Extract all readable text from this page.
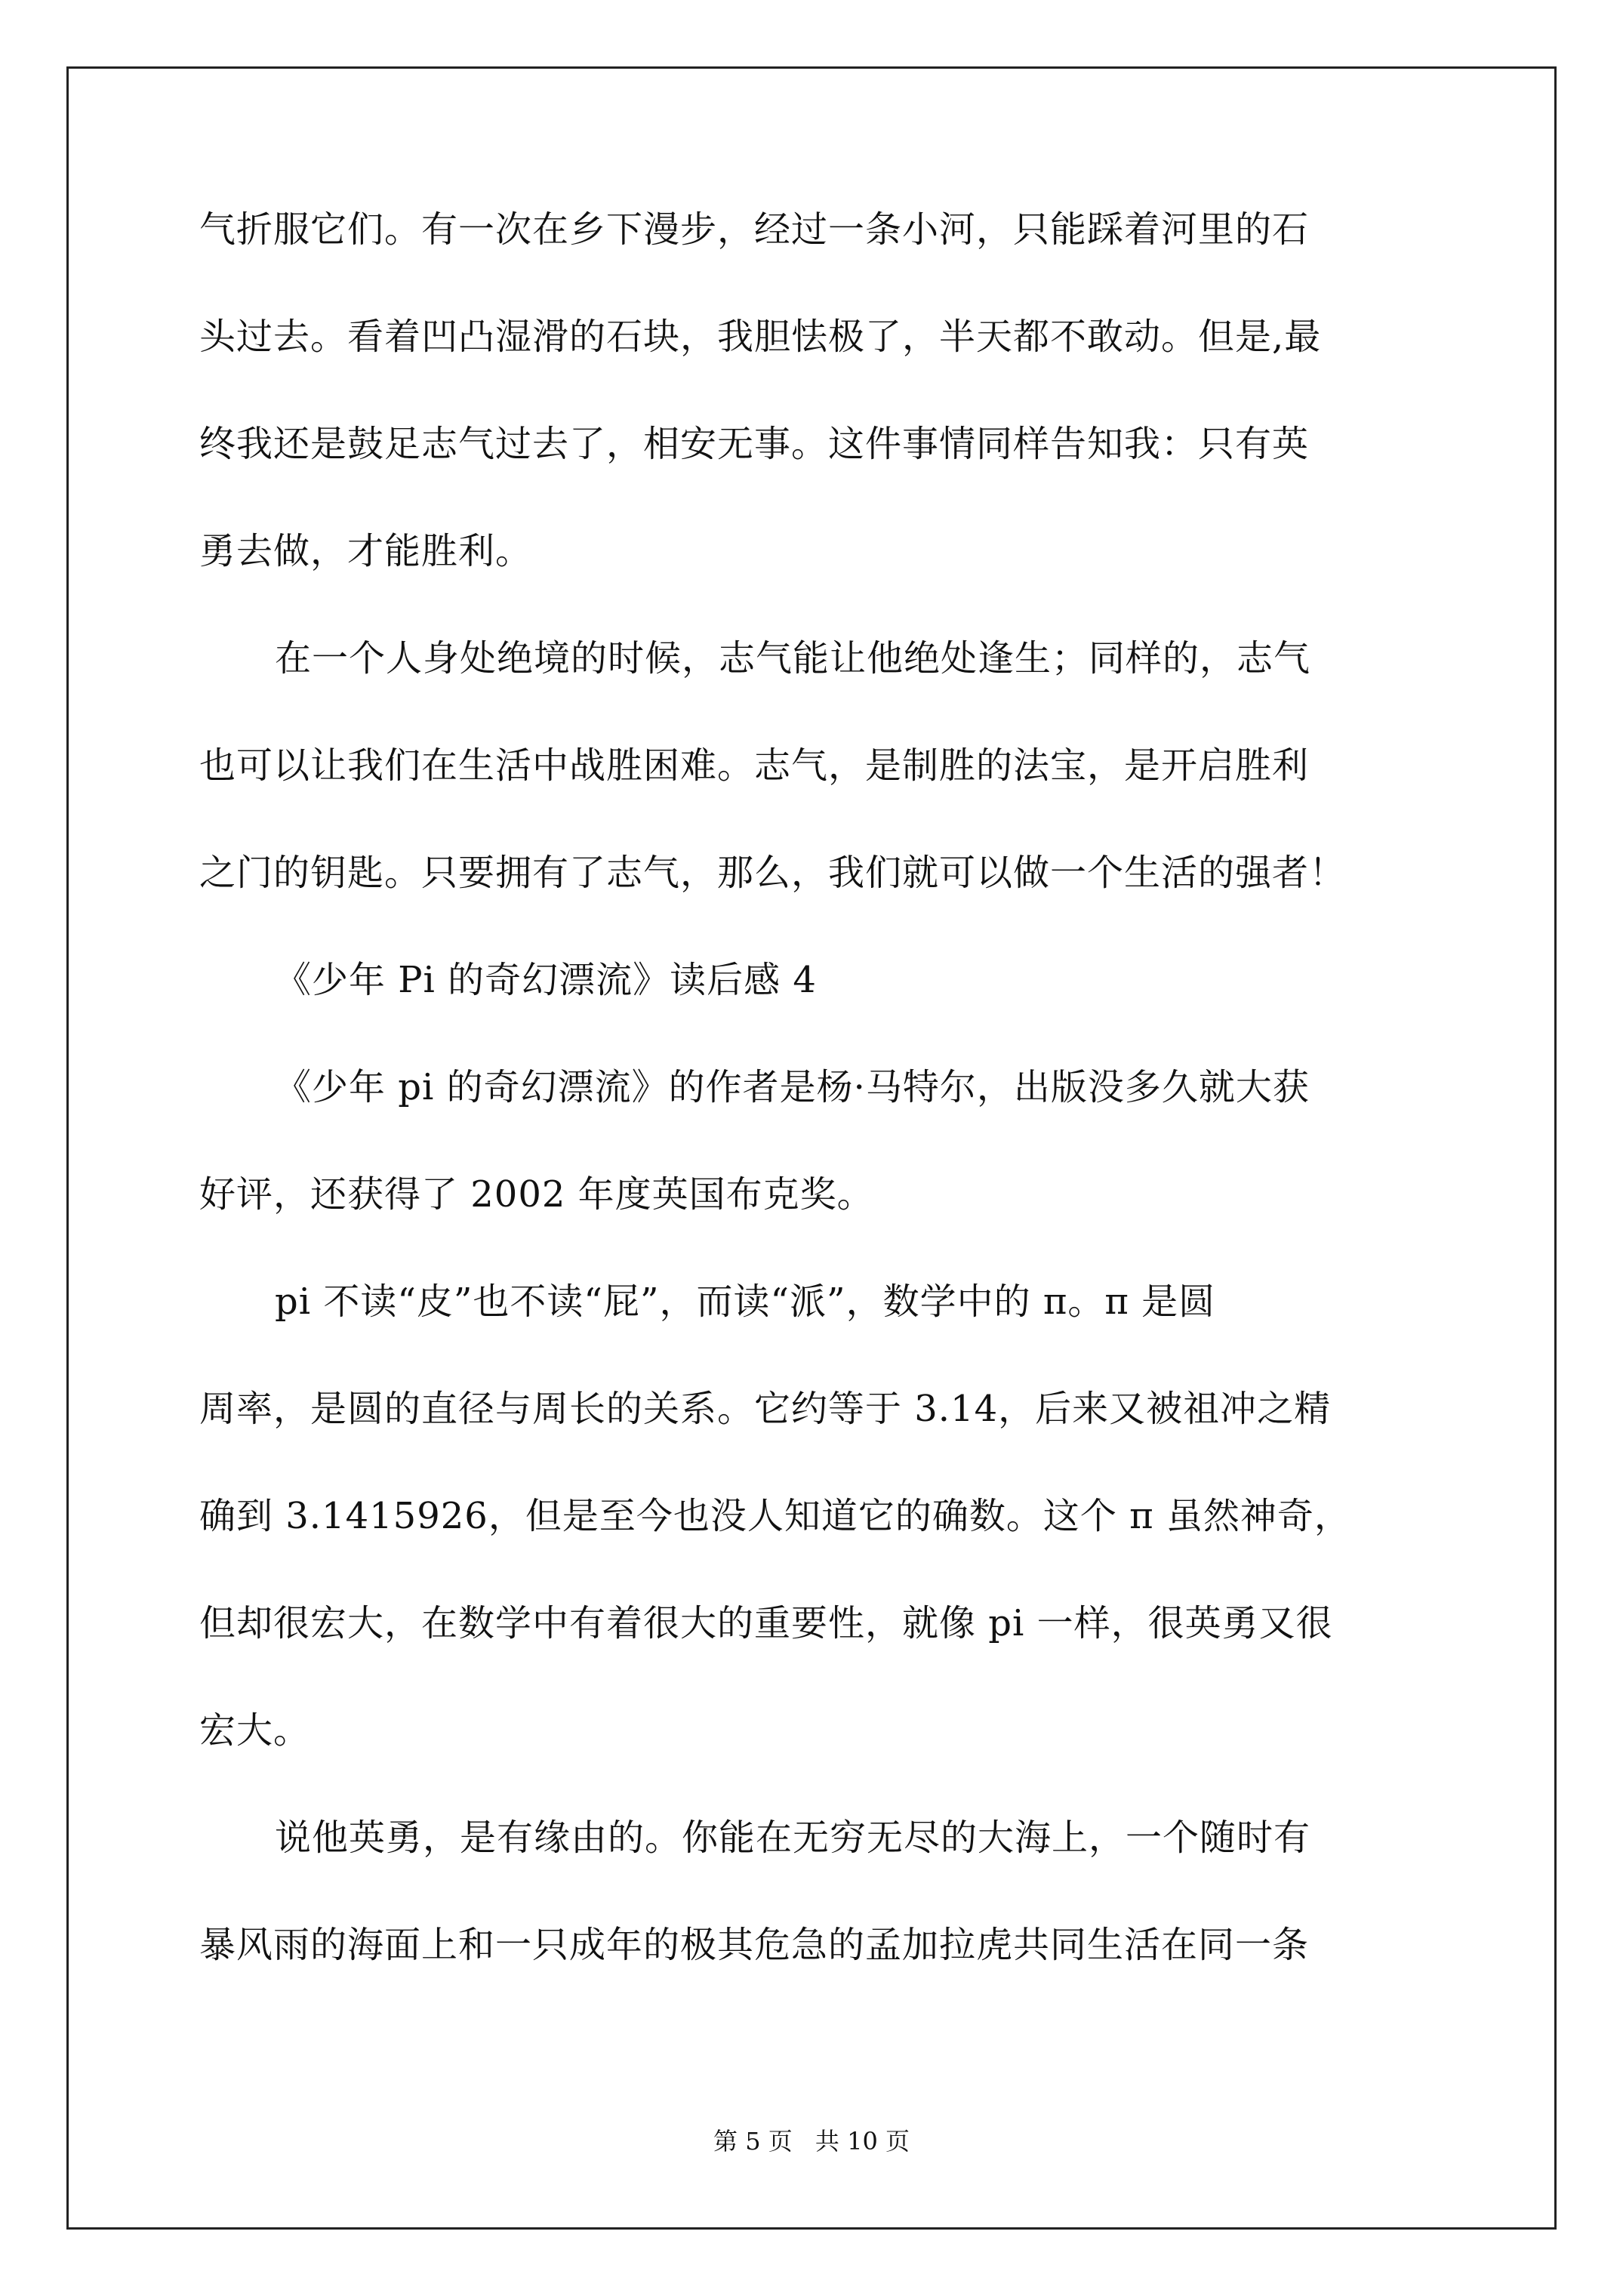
气折服它们。有一次在乡下漫步，经过一条小河，只能踩着河里的石
头过去。看着凹凸湿滑的石块，我胆怯极了，半天都不敢动。但是,最
终我还是鼓足志气过去了，相安无事。这件事情同样告知我：只有英
勇去做，才能胜利。
在一个人身处绝境的时候，志气能让他绝处逢生；同样的，志气
也可以让我们在生活中战胜困难。志气，是制胜的法宝，是开启胜利
之门的钥匙。只要拥有了志气，那么，我们就可以做一个生活的强者！
《少年 Pi 的奇幻漂流》读后感 4
《少年 pi 的奇幻漂流》的作者是杨·马特尔，出版没多久就大获
好评，还获得了 2002 年度英国布克奖。
pi 不读“皮”也不读“屁”，而读“派”，数学中的 π。π 是圆
周率，是圆的直径与周长的关系。它约等于 3.14，后来又被祖冲之精
确到 3.1415926，但是至今也没人知道它的确数。这个 π 虽然神奇，
但却很宏大，在数学中有着很大的重要性，就像 pi 一样，很英勇又很
宏大。
说他英勇，是有缘由的。你能在无穷无尽的大海上，一个随时有
暴风雨的海面上和一只成年的极其危急的孟加拉虎共同生活在同一条
第 5 页 共 10 页
